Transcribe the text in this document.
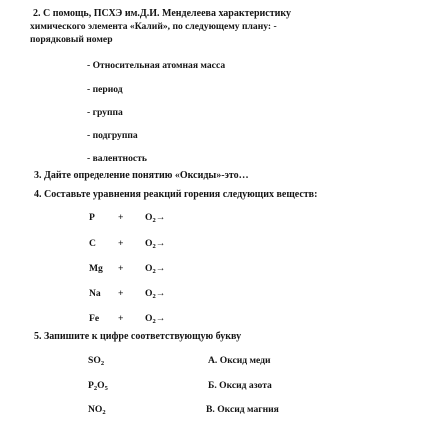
2. С помощь, ПСХЭ им.Д.И. Менделеева характеристику
химического элемента «Калий», по следующему плану: -
порядковый номер
- Относительная атомная масса
- период
- группа
- подгруппа
- валентность
3. Дайте определение понятию «Оксиды»-это…
4. Составьте уравнения реакций горения следующих веществ:
$P + O_2\to$
$C + O_2\to$
$Mg + O_2\to$
$Na + O_2\to$
$Fe + O_2\to$
5. Запишите к цифре соответствующую букву
$SO_2$	А. Оксид меди
$P_2O_5$	Б. Оксид азота
$NO_2$	В. Оксид магния
